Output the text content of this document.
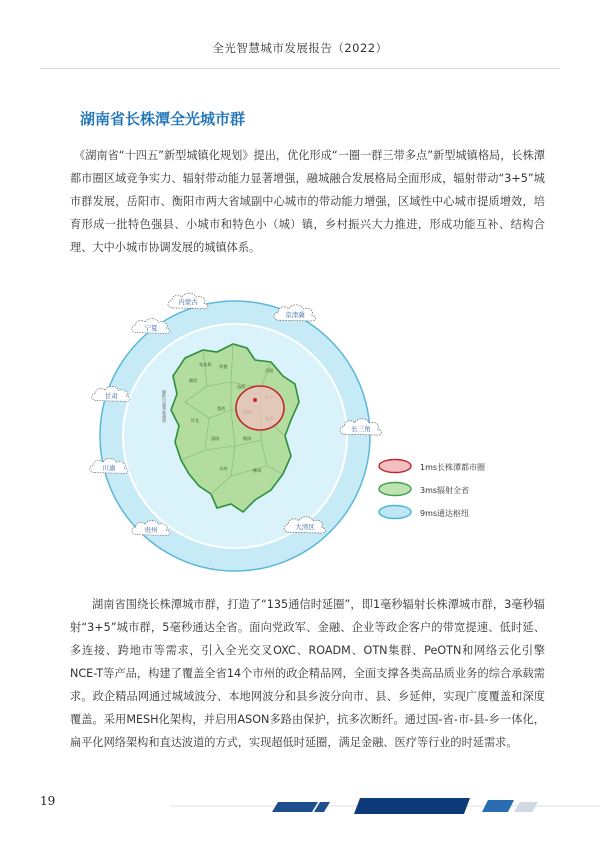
全光智慧城市发展报告（2022）
湖南省长株潭全光城市群

《湖南省“十四五”新型城镇化规划》提出，优化形成“一圈一群三带多点”新型城镇格局，长株潭都市圈区域竞争实力、辐射带动能力显著增强，融城融合发展格局全面形成，辐射带动“3+5”城市群发展，岳阳市、衡阳市两大省域副中心城市的带动能力增强，区域性中心城市提质增效，培育形成一批特色强县、小城市和特色小（城）镇，乡村振兴大力推进，形成功能互补、结构合理、大中小城市协调发展的城镇体系。

张家界 常德
益阳
岳阳
湘西
怀化
娄底
邵阳	衡阳
永州	郴州
湘黔川渝鄂桂通道
内蒙古
京津冀
宁夏
甘肃
长三角
川渝
贵州	大湾区
1ms长株潭都市圈
3ms辐射全省
9ms通达枢纽

湖南省围绕长株潭城市群，打造了“135通信时延圈”，即1毫秒辐射长株潭城市群，3毫秒辐射“3+5”城市群，5毫秒通达全省。面向党政军、金融、企业等政企客户的带宽提速、低时延、多连接、跨地市等需求，引入全光交叉OXC、ROADM、OTN集群、PeOTN和网络云化引擎NCE-T等产品，构建了覆盖全省14个市州的政企精品网，全面支撑各类高品质业务的综合承载需求。政企精品网通过城域波分、本地网波分和县乡波分向市、县、乡延伸，实现广度覆盖和深度覆盖。采用MESH化架构，并启用ASON多路由保护，抗多次断纤。通过国-省-市-县-乡一体化，扁平化网络架构和直达波道的方式，实现超低时延圈，满足金融、医疗等行业的时延需求。

19
